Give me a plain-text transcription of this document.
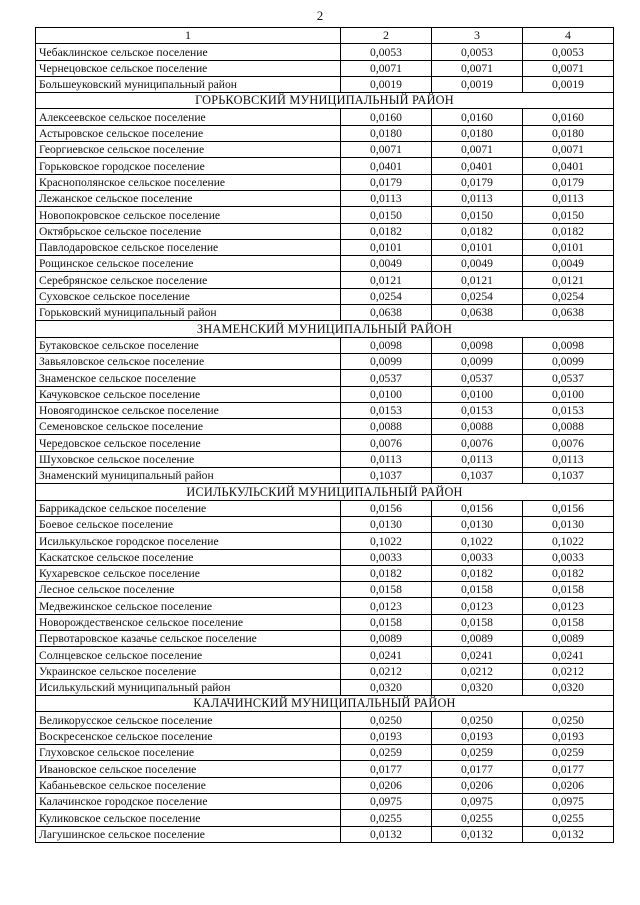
2
1	2	3	4
Чебаклинское сельское поселение	0,0053	0,0053	0,0053
Чернецовское сельское поселение	0,0071	0,0071	0,0071
Большеуковский муниципальный район	0,0019	0,0019	0,0019
ГОРЬКОВСКИЙ МУНИЦИПАЛЬНЫЙ РАЙОН			
Алексеевское сельское поселение	0,0160	0,0160	0,0160
Астыровское сельское поселение	0,0180	0,0180	0,0180
Георгиевское сельское поселение	0,0071	0,0071	0,0071
Горьковское городское поселение	0,0401	0,0401	0,0401
Краснополянское сельское поселение	0,0179	0,0179	0,0179
Лежанское сельское поселение	0,0113	0,0113	0,0113
Новопокровское сельское поселение	0,0150	0,0150	0,0150
Октябрьское сельское поселение	0,0182	0,0182	0,0182
Павлодаровское сельское поселение	0,0101	0,0101	0,0101
Рощинское сельское поселение	0,0049	0,0049	0,0049
Серебрянское сельское поселение	0,0121	0,0121	0,0121
Суховское сельское поселение	0,0254	0,0254	0,0254
Горьковский муниципальный район	0,0638	0,0638	0,0638
ЗНАМЕНСКИЙ МУНИЦИПАЛЬНЫЙ РАЙОН			
Бутаковское сельское поселение	0,0098	0,0098	0,0098
Завьяловское сельское поселение	0,0099	0,0099	0,0099
Знаменское сельское поселение	0,0537	0,0537	0,0537
Качуковское сельское поселение	0,0100	0,0100	0,0100
Новоягодинское сельское поселение	0,0153	0,0153	0,0153
Семеновское сельское поселение	0,0088	0,0088	0,0088
Чередовское сельское поселение	0,0076	0,0076	0,0076
Шуховское сельское поселение	0,0113	0,0113	0,0113
Знаменский муниципальный район	0,1037	0,1037	0,1037
ИСИЛЬКУЛЬСКИЙ МУНИЦИПАЛЬНЫЙ РАЙОН			
Баррикадское сельское поселение	0,0156	0,0156	0,0156
Боевое сельское поселение	0,0130	0,0130	0,0130
Исилькульское городское поселение	0,1022	0,1022	0,1022
Каскатское сельское поселение	0,0033	0,0033	0,0033
Кухаревское сельское поселение	0,0182	0,0182	0,0182
Лесное сельское поселение	0,0158	0,0158	0,0158
Медвежинское сельское поселение	0,0123	0,0123	0,0123
Новорождественское сельское поселение	0,0158	0,0158	0,0158
Первотаровское казачье сельское поселение	0,0089	0,0089	0,0089
Солнцевское сельское поселение	0,0241	0,0241	0,0241
Украинское сельское поселение	0,0212	0,0212	0,0212
Исилькульский муниципальный район	0,0320	0,0320	0,0320
КАЛАЧИНСКИЙ МУНИЦИПАЛЬНЫЙ РАЙОН			
Великорусское сельское поселение	0,0250	0,0250	0,0250
Воскресенское сельское поселение	0,0193	0,0193	0,0193
Глуховское сельское поселение	0,0259	0,0259	0,0259
Ивановское сельское поселение	0,0177	0,0177	0,0177
Кабаньевское сельское поселение	0,0206	0,0206	0,0206
Калачинское городское поселение	0,0975	0,0975	0,0975
Куликовское сельское поселение	0,0255	0,0255	0,0255
Лагушинское сельское поселение	0,0132	0,0132	0,0132
